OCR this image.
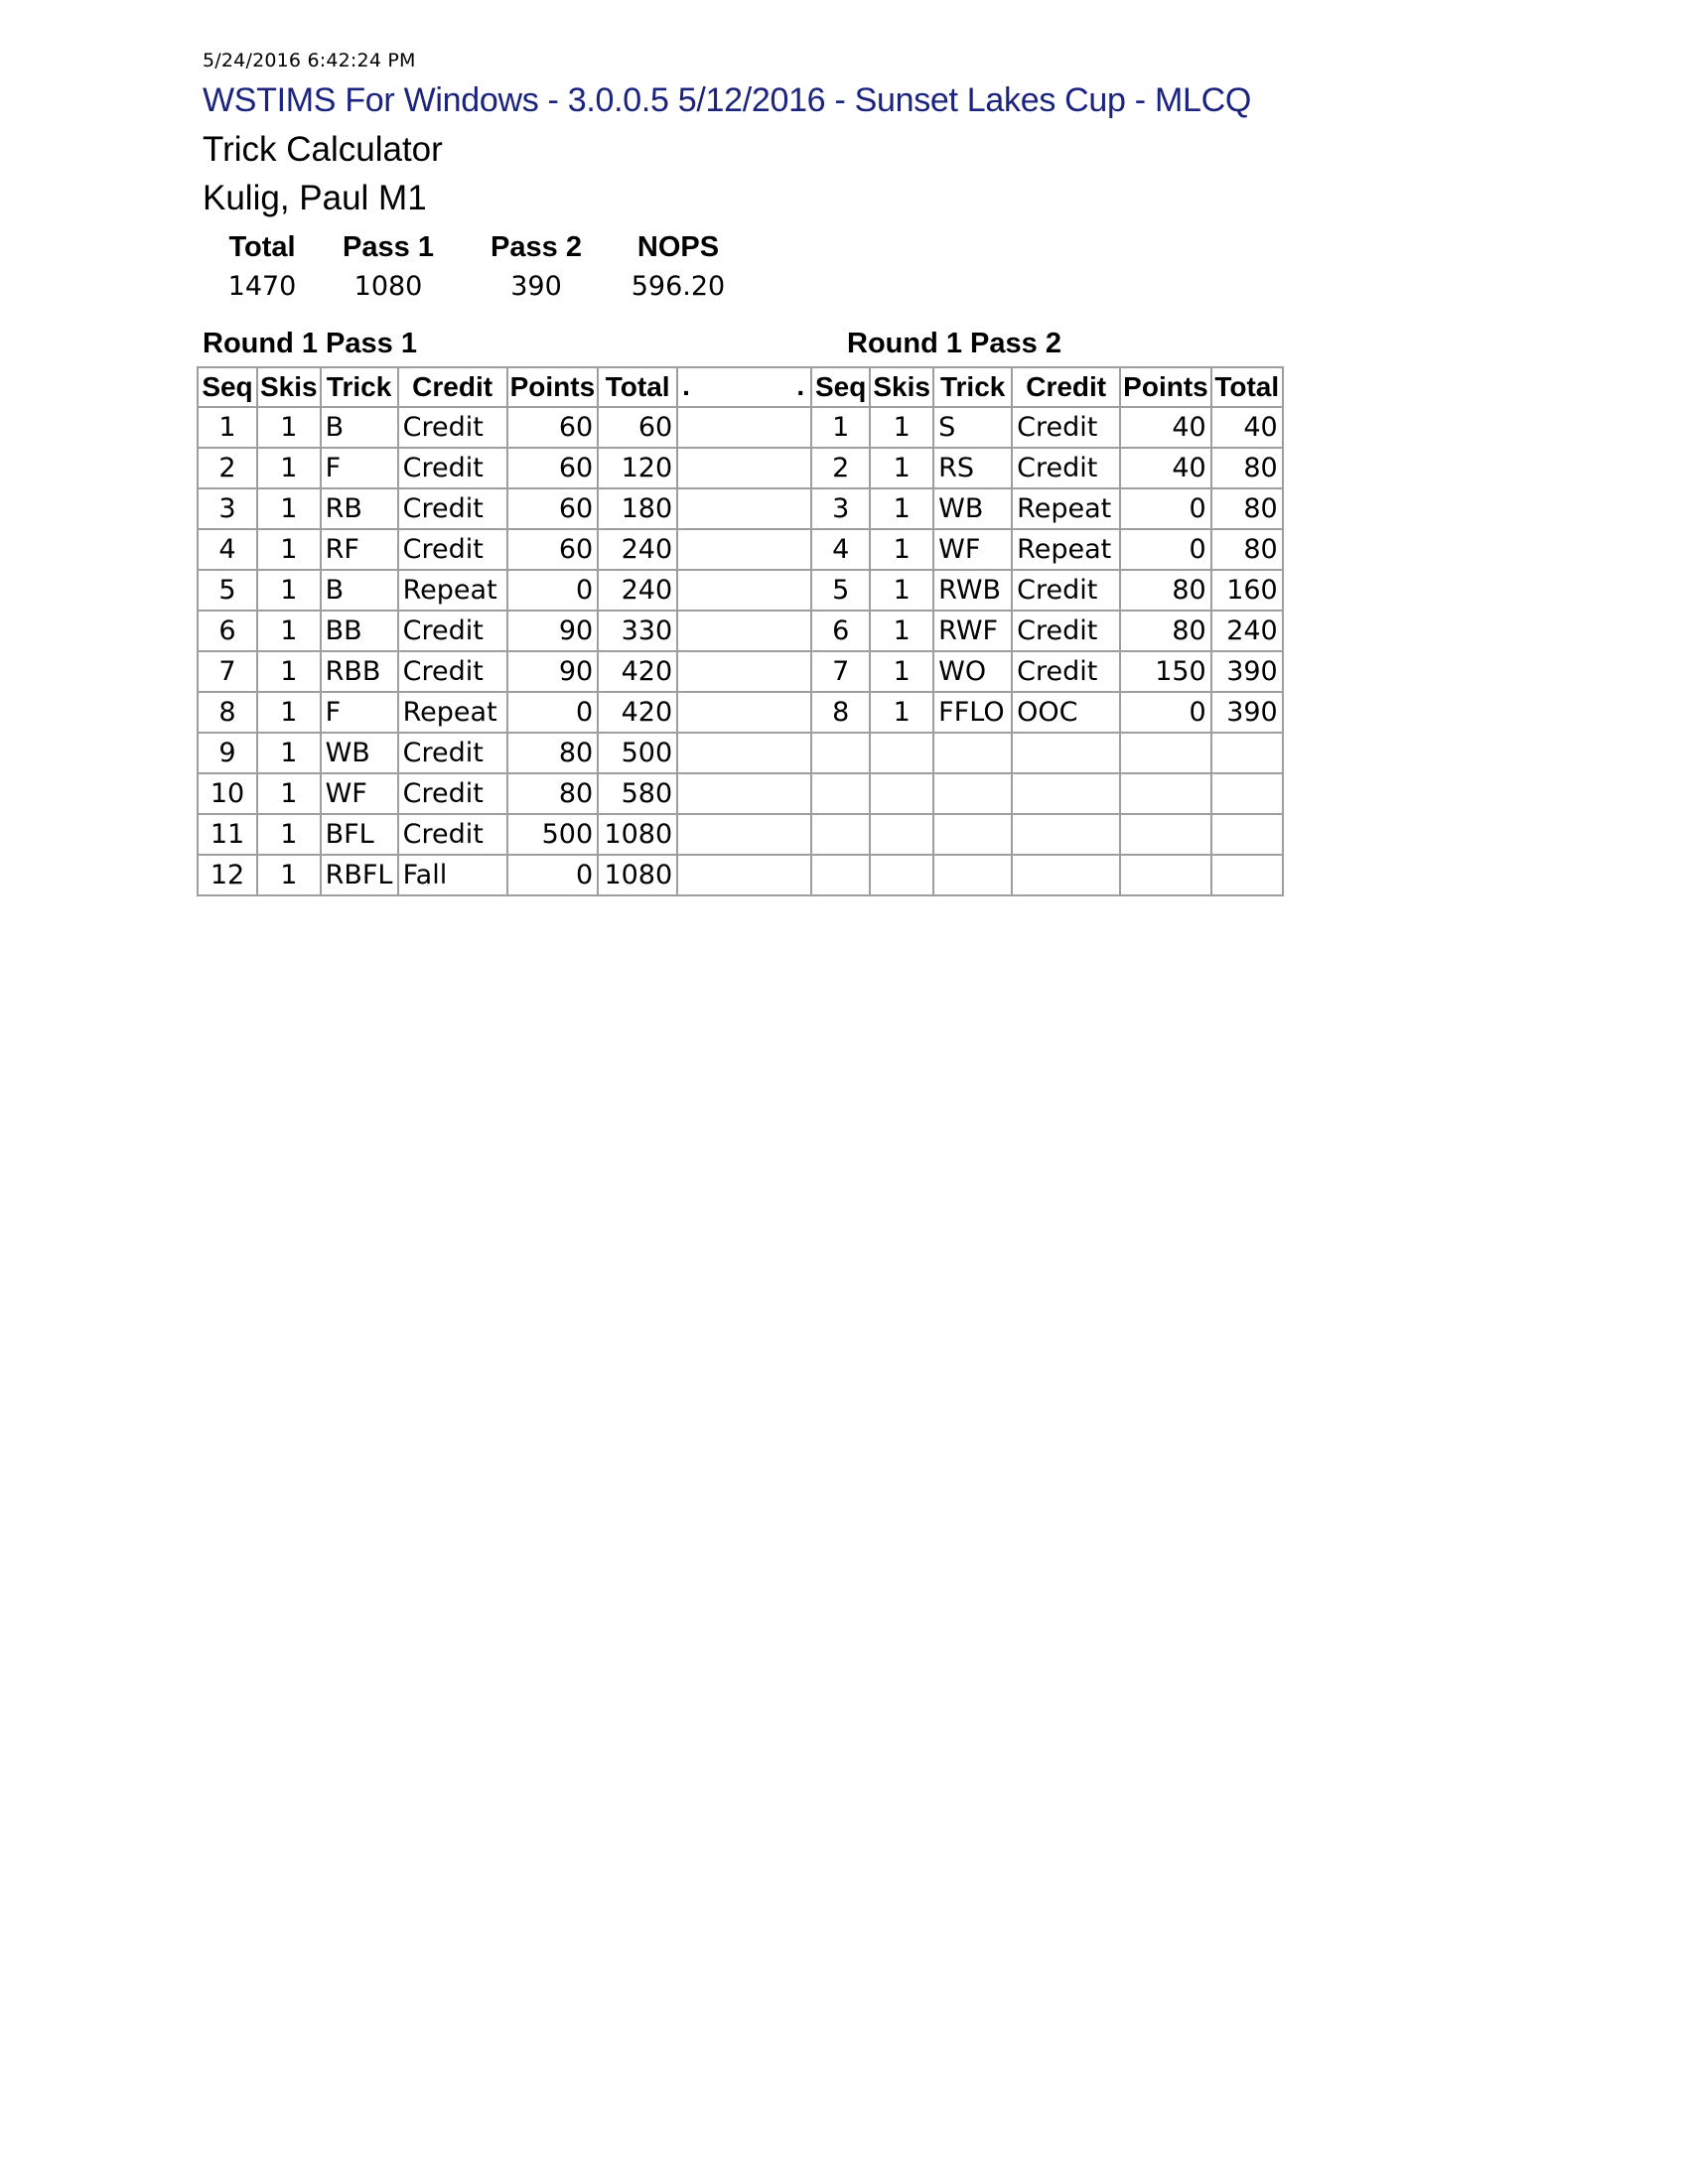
5/24/2016 6:42:24 PM
WSTIMS For Windows - 3.0.0.5 5/12/2016 - Sunset Lakes Cup - MLCQ
Trick Calculator
Kulig, Paul M1
Total	Pass 1	Pass 2	NOPS
1470	1080	390	596.20
Round 1 Pass 1	Round 1 Pass 2
Seq	Skis	Trick	Credit	Points	Total	. .	Seq	Skis	Trick	Credit	Points	Total
1	1	B	Credit	60	60		1	1	S	Credit	40	40
2	1	F	Credit	60	120		2	1	RS	Credit	40	80
3	1	RB	Credit	60	180		3	1	WB	Repeat	0	80
4	1	RF	Credit	60	240		4	1	WF	Repeat	0	80
5	1	B	Repeat	0	240		5	1	RWB	Credit	80	160
6	1	BB	Credit	90	330		6	1	RWF	Credit	80	240
7	1	RBB	Credit	90	420		7	1	WO	Credit	150	390
8	1	F	Repeat	0	420		8	1	FFLO	OOC	0	390
9	1	WB	Credit	80	500							
10	1	WF	Credit	80	580							
11	1	BFL	Credit	500	1080							
12	1	RBFL	Fall	0	1080							
